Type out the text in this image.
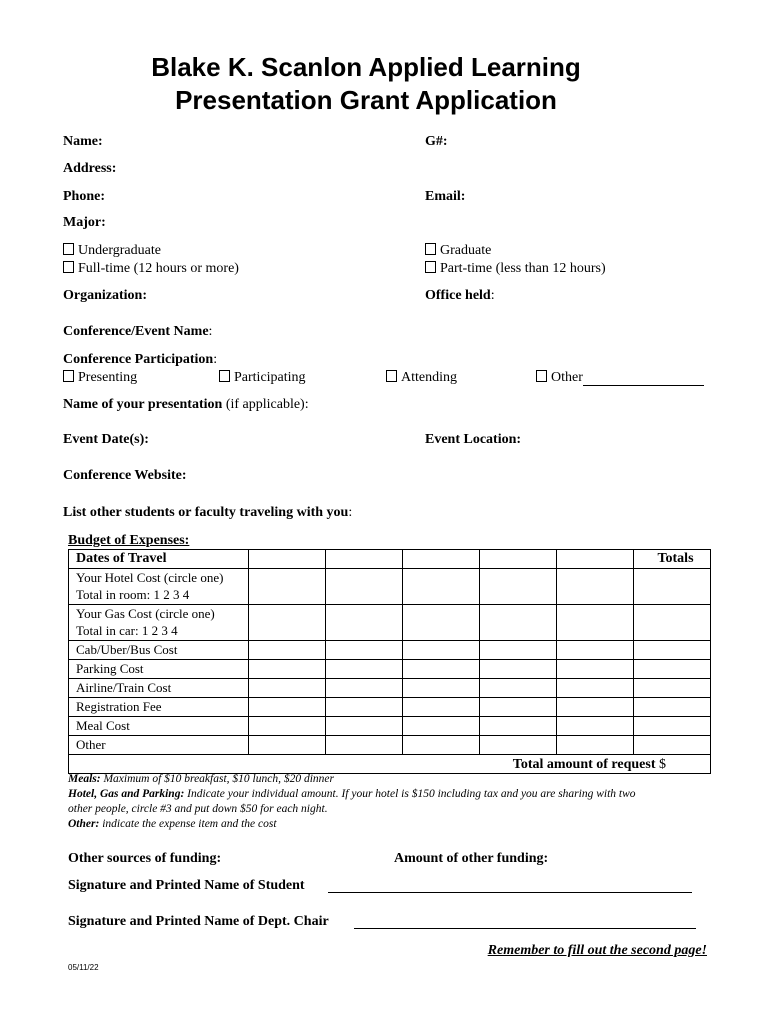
Blake K. Scanlon Applied Learning
Presentation Grant Application
Name:	G#:
Address:
Phone:	Email:
Major:
Undergraduate	Graduate
Full-time (12 hours or more)	Part-time (less than 12 hours)
Organization:	Office held:
Conference/Event Name:
Conference Participation:
Presenting	Participating	Attending	Other
Name of your presentation (if applicable):
Event Date(s):	Event Location:
Conference Website:
List other students or faculty traveling with you:
Budget of Expenses:
Dates of Travel						Totals
Your Hotel Cost (circle one)
Total in room: 1 2 3 4						
Your Gas Cost (circle one)
Total in car: 1 2 3 4						
Cab/Uber/Bus Cost						
Parking Cost						
Airline/Train Cost						
Registration Fee						
Meal Cost						
Other						
Total amount of request $						
Meals: Maximum of $10 breakfast, $10 lunch, $20 dinner
Hotel, Gas and Parking: Indicate your individual amount. If your hotel is $150 including tax and you are sharing with two
other people, circle #3 and put down $50 for each night.
Other: indicate the expense item and the cost
Other sources of funding:	Amount of other funding:
Signature and Printed Name of Student
Signature and Printed Name of Dept. Chair
Remember to fill out the second page!
05/11/22
